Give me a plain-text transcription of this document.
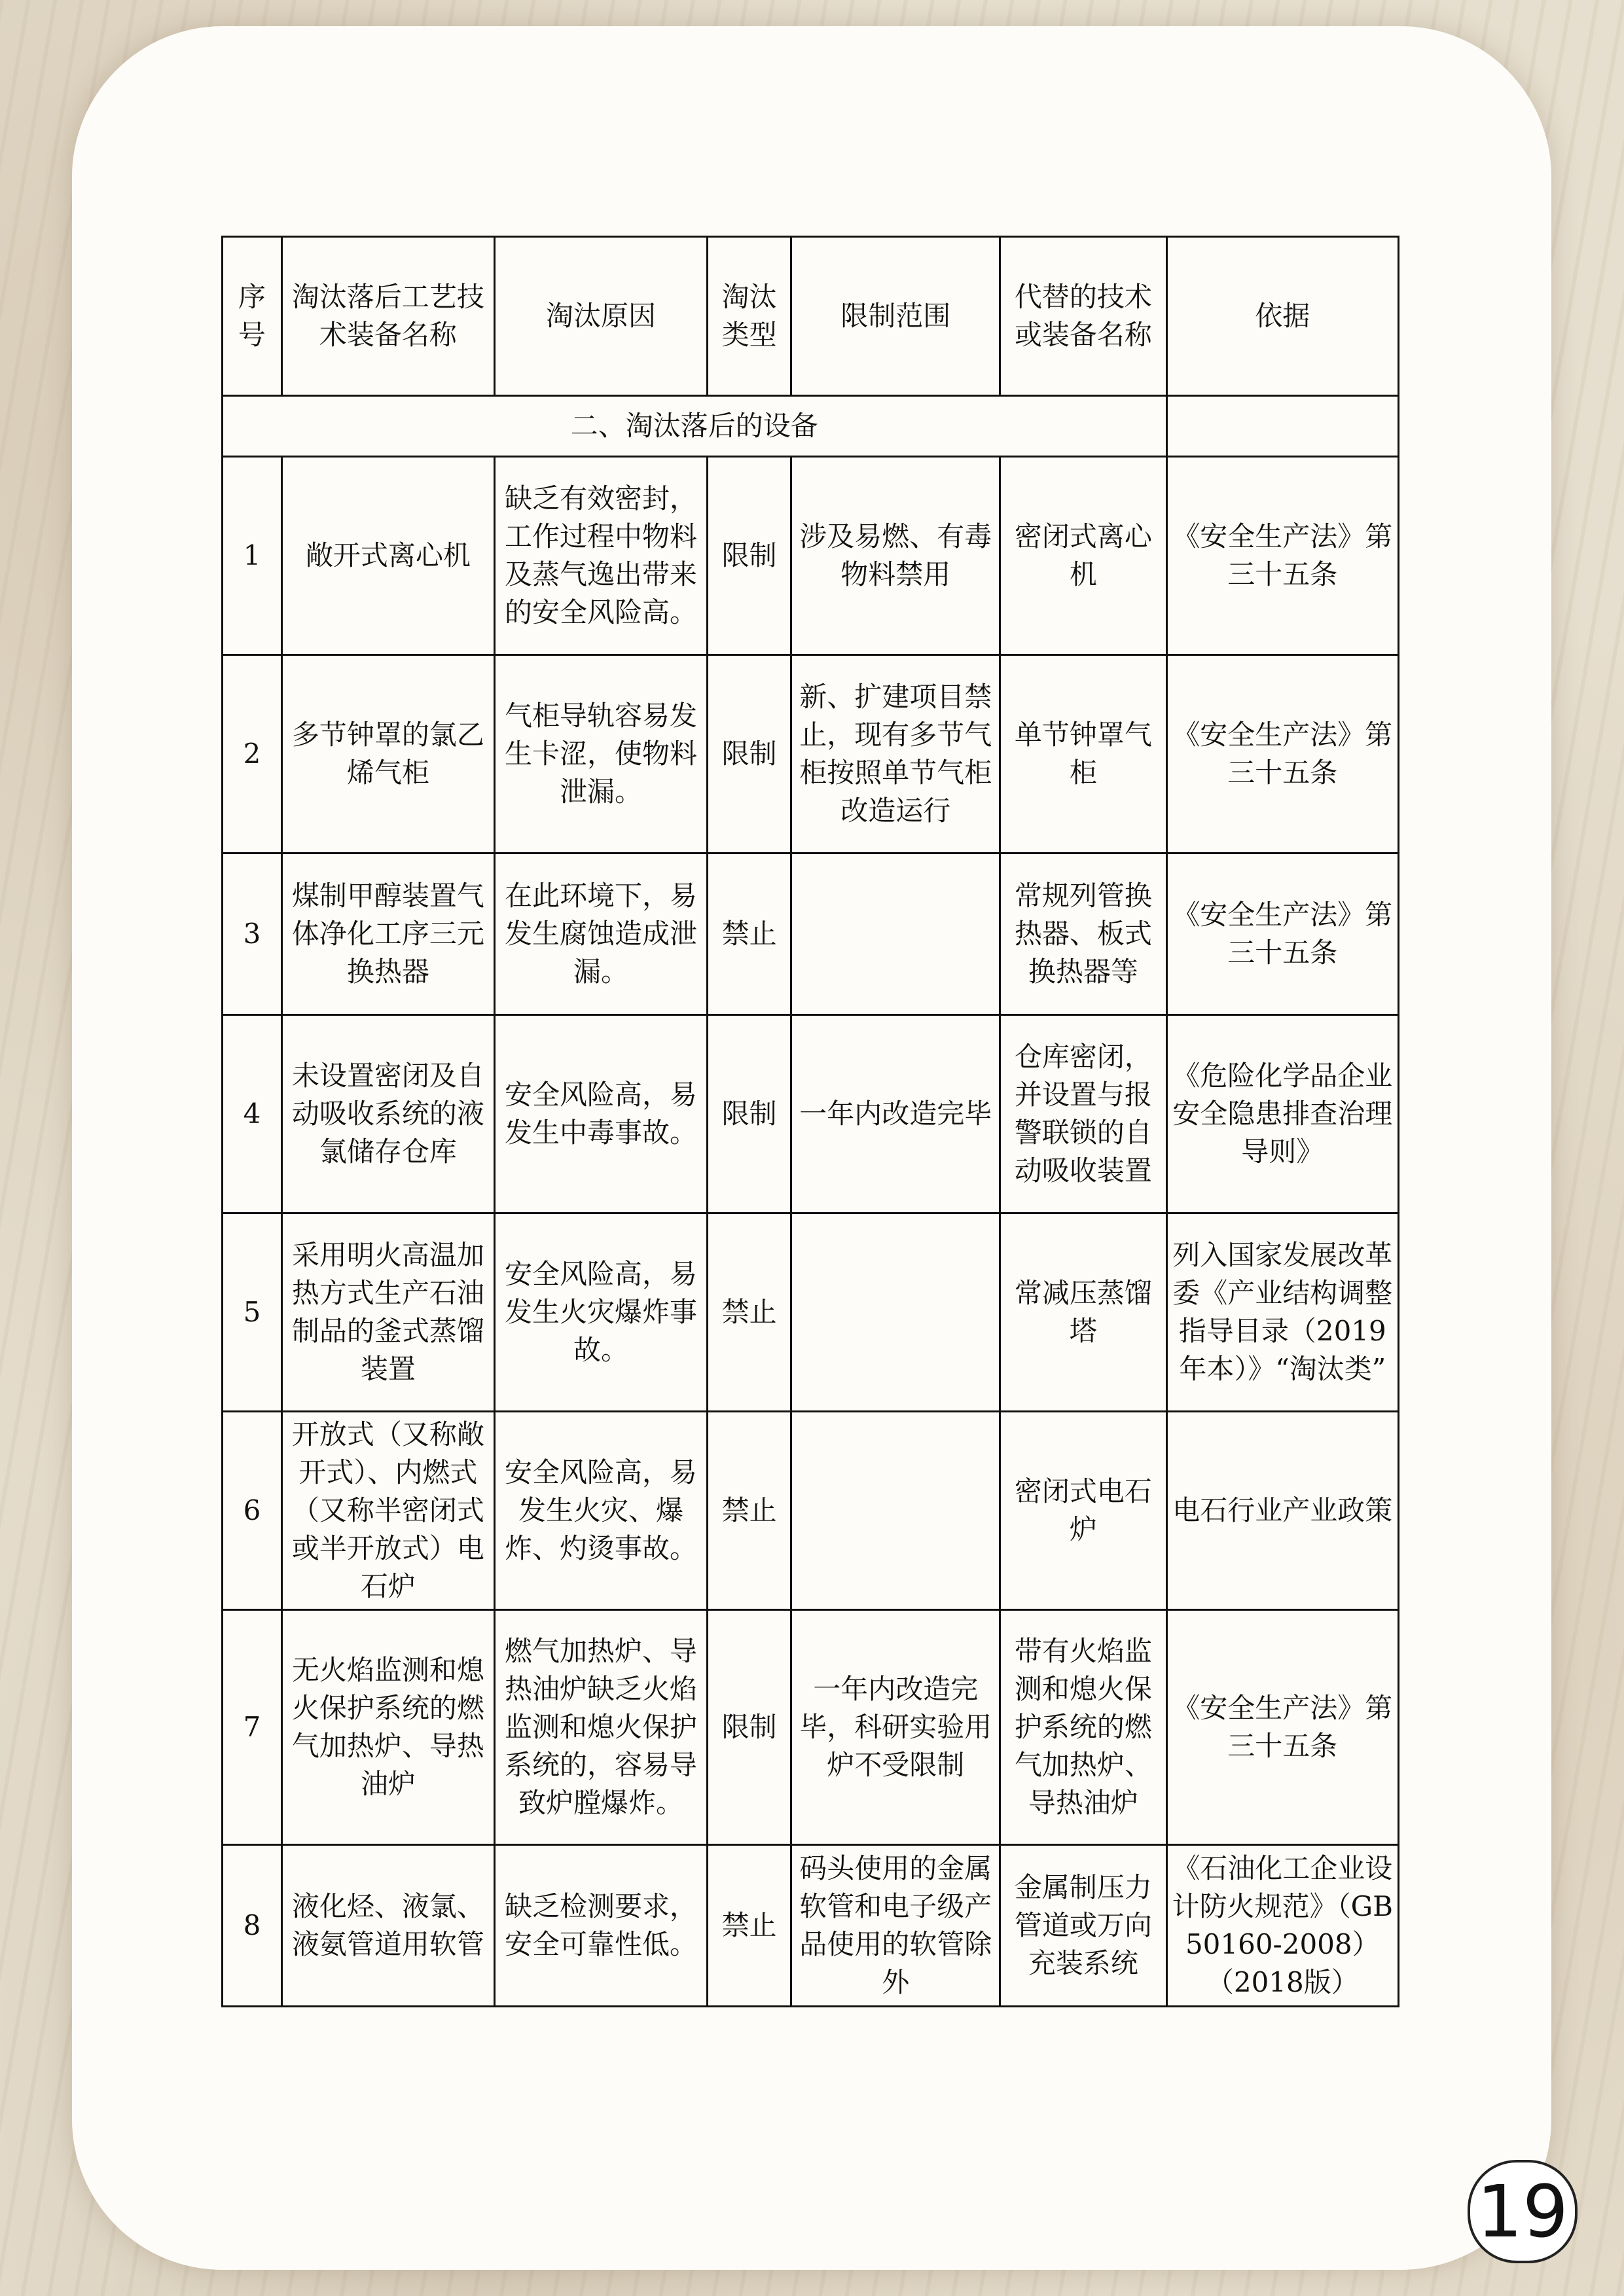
序号	淘汰落后工艺技术装备名称	淘汰原因	淘汰类型	限制范围	代替的技术或装备名称	依据
二、淘汰落后的设备						
1	敞开式离心机	缺乏有效密封，工作过程中物料及蒸气逸出带来的安全风险高。	限制	涉及易燃、有毒物料禁用	密闭式离心机	《安全生产法》第三十五条
2	多节钟罩的氯乙烯气柜	气柜导轨容易发生卡涩，使物料泄漏。	限制	新、扩建项目禁止，现有多节气柜按照单节气柜改造运行	单节钟罩气柜	《安全生产法》第三十五条
3	煤制甲醇装置气体净化工序三元换热器	在此环境下，易发生腐蚀造成泄漏。	禁止		常规列管换热器、板式换热器等	《安全生产法》第三十五条
4	未设置密闭及自动吸收系统的液氯储存仓库	安全风险高，易发生中毒事故。	限制	一年内改造完毕	仓库密闭，并设置与报警联锁的自动吸收装置	《危险化学品企业安全隐患排查治理导则》
5	采用明火高温加热方式生产石油制品的釜式蒸馏装置	安全风险高，易发生火灾爆炸事故。	禁止		常减压蒸馏塔	列入国家发展改革委《产业结构调整指导目录（2019 年本）》“淘汰类”
6	开放式（又称敞开式）、内燃式（又称半密闭式或半开放式）电石炉	安全风险高，易发生火灾、爆炸、灼烫事故。	禁止		密闭式电石炉	电石行业产业政策
7	无火焰监测和熄火保护系统的燃气加热炉、导热油炉	燃气加热炉、导热油炉缺乏火焰监测和熄火保护系统的，容易导致炉膛爆炸。	限制	一年内改造完毕，科研实验用炉不受限制	带有火焰监测和熄火保护系统的燃气加热炉、导热油炉	《安全生产法》第三十五条
8	液化烃、液氯、液氨管道用软管	缺乏检测要求，安全可靠性低。	禁止	码头使用的金属软管和电子级产品使用的软管除外	金属制压力管道或万向充装系统	《石油化工企业设计防火规范》（GB50160-2008）（2018版）
19
